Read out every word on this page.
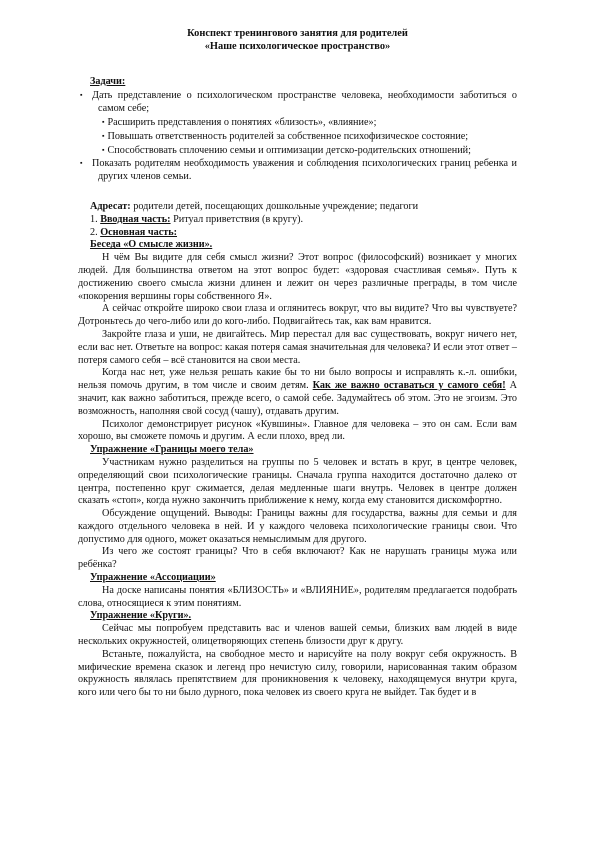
Конспект тренингового занятия для родителей

«Наше психологическое пространство»

Задачи:

▪ Дать представление о психологическом пространстве человека, необходимости заботиться о самом себе;

▪ Расширить представления о понятиях «близость», «влияние»;

▪ Повышать ответственность родителей за собственное психофизическое состояние;

▪ Способствовать сплочению семьи и оптимизации детско-родительских отношений;

▪ Показать родителям необходимость уважения и соблюдения психологических границ ребенка и других членов семьи.

Адресат: родители детей, посещающих дошкольные учреждение; педагоги

1. Вводная часть: Ритуал приветствия (в кругу).

2. Основная часть:

Беседа «О смысле жизни».

Н чём Вы видите для себя смысл жизни? Этот вопрос (философский) возникает у многих людей. Для большинства ответом на этот вопрос будет: «здоровая счастливая семья». Путь к достижению своего смысла жизни длинен и лежит он через различные преграды, в том числе «покорения вершины горы собственного Я».

А сейчас откройте широко свои глаза и оглянитесь вокруг, что вы видите? Что вы чувствуете? Дотроньтесь до чего-либо или до кого-либо. Подвигайтесь так, как вам нравится.

Закройте глаза и уши, не двигайтесь. Мир перестал для вас существовать, вокруг ничего нет, если вас нет. Ответьте на вопрос: какая потеря самая значительная для человека? И если этот ответ – потеря самого себя – всё становится на свои места.

Когда нас нет, уже нельзя решать какие бы то ни было вопросы и исправлять к.-л. ошибки, нельзя помочь другим, в том числе и своим детям. Как же важно оставаться у самого себя! А значит, как важно заботиться, прежде всего, о самой себе. Задумайтесь об этом. Это не эгоизм. Это возможность, наполняя свой сосуд (чашу), отдавать другим.

Психолог демонстрирует рисунок «Кувшины». Главное для человека – это он сам. Если вам хорошо, вы сможете помочь и другим. А если плохо, вред ли.

Упражнение «Границы моего тела»

Участникам нужно разделиться на группы по 5 человек и встать в круг, в центре человек, определяющий свои психологические границы. Сначала группа находится достаточно далеко от центра, постепенно круг сжимается, делая медленные шаги внутрь. Человек в центре должен сказать «стоп», когда нужно закончить приближение к нему, когда ему становится дискомфортно.

Обсуждение ощущений. Выводы: Границы важны для государства, важны для семьи и для каждого отдельного человека в ней. И у каждого человека психологические границы свои. Что допустимо для одного, может оказаться немыслимым для другого.

Из чего же состоят границы? Что в себя включают? Как не нарушать границы мужа или ребёнка?

Упражнение «Ассоциации»

На доске написаны понятия «БЛИЗОСТЬ» и «ВЛИЯНИЕ», родителям предлагается подобрать слова, относящиеся к этим понятиям.

Упражнение «Круги».

Сейчас мы попробуем представить вас и членов вашей семьи, близких вам людей в виде нескольких окружностей, олицетворяющих степень близости друг к другу.

Встаньте, пожалуйста, на свободное место и нарисуйте на полу вокруг себя окружность. В мифические времена сказок и легенд про нечистую силу, говорили, нарисованная таким образом окружность являлась препятствием для проникновения к человеку, находящемуся внутри круга, кого или чего бы то ни было дурного, пока человек из своего круга не выйдет. Так будет и в
